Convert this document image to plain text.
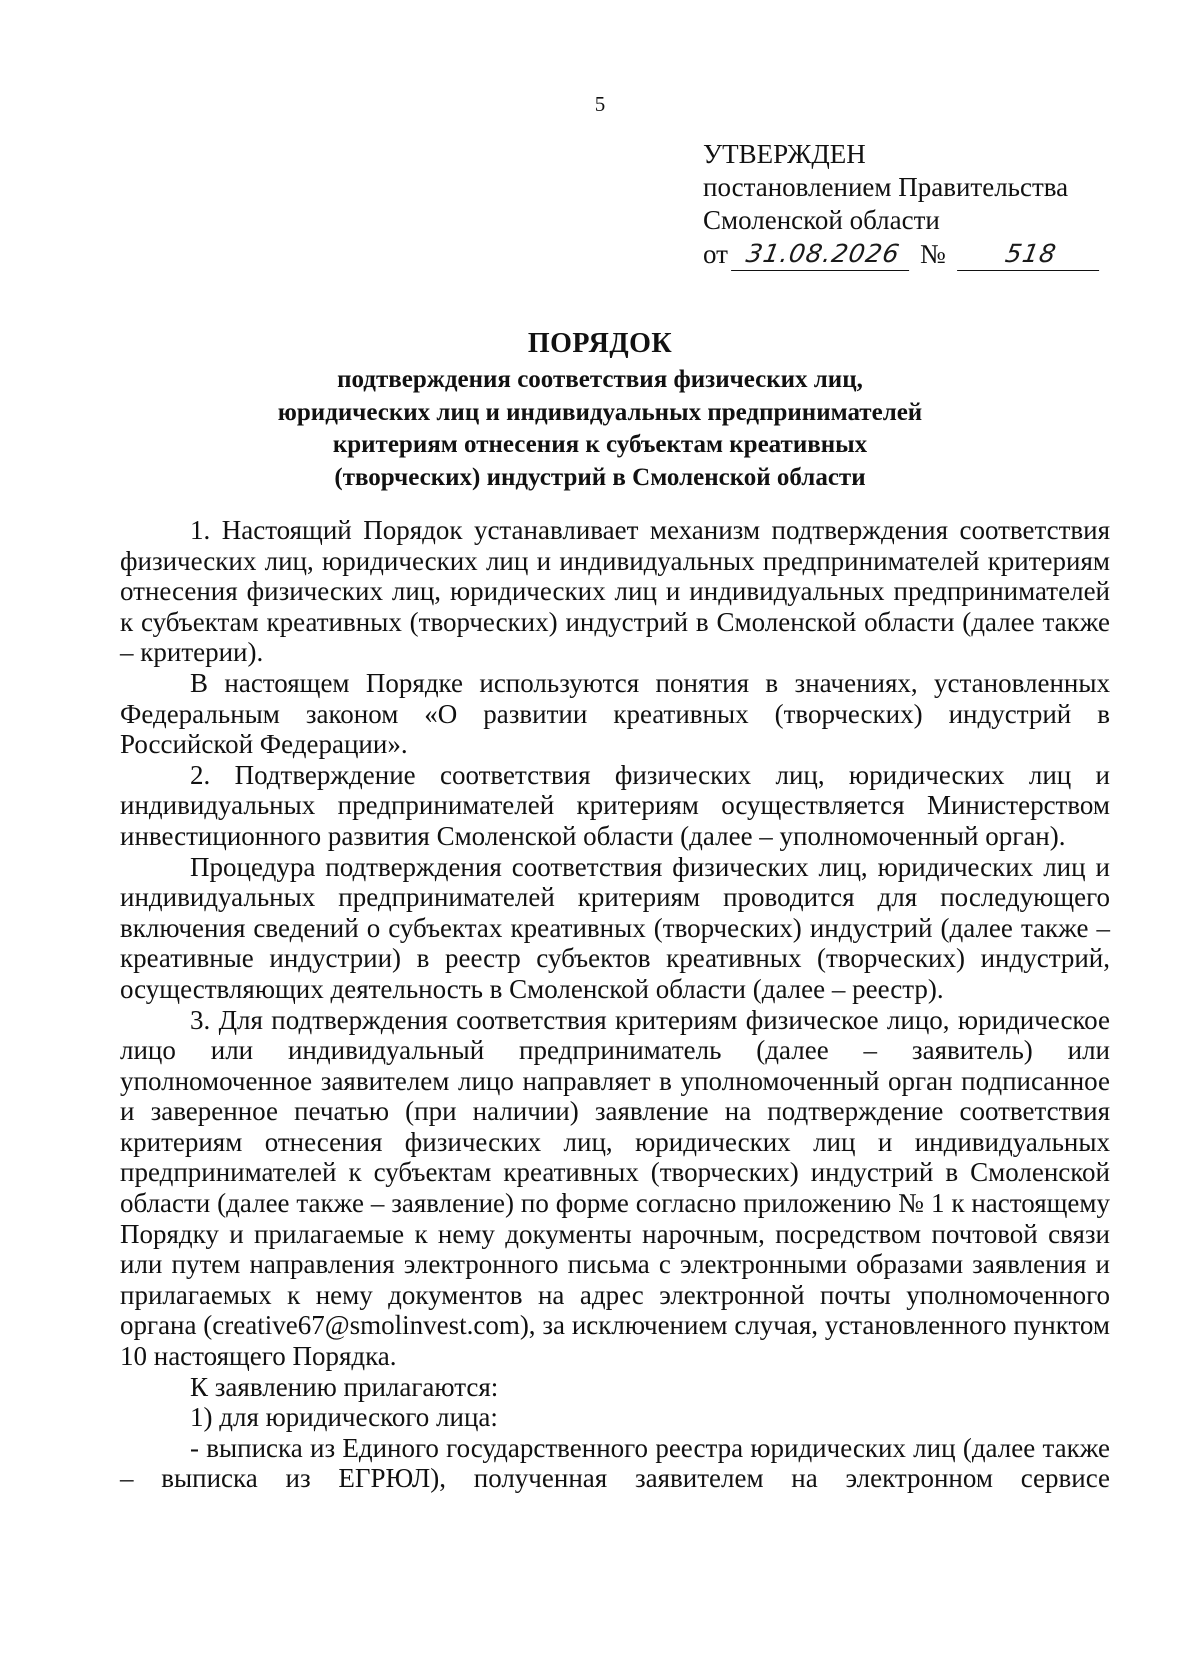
5
УТВЕРЖДЕН
постановлением Правительства
Смоленской области
от 31.08.2026 №	518
ПОРЯДОК
подтверждения соответствия физических лиц,
юридических лиц и индивидуальных предпринимателей
критериям отнесения к субъектам креативных
(творческих) индустрий в Смоленской области

1. Настоящий Порядок устанавливает механизм подтверждения соответствия физических лиц, юридических лиц и индивидуальных предпринимателей критериям отнесения физических лиц, юридических лиц и индивидуальных предпринимателей к субъектам креативных (творческих) индустрий в Смоленской области (далее также – критерии).

В настоящем Порядке используются понятия в значениях, установленных Федеральным законом «О развитии креативных (творческих) индустрий в Российской Федерации».

2. Подтверждение соответствия физических лиц, юридических лиц и индивидуальных предпринимателей критериям осуществляется Министерством инвестиционного развития Смоленской области (далее – уполномоченный орган).

Процедура подтверждения соответствия физических лиц, юридических лиц и индивидуальных предпринимателей критериям проводится для последующего включения сведений о субъектах креативных (творческих) индустрий (далее также – креативные индустрии) в реестр субъектов креативных (творческих) индустрий, осуществляющих деятельность в Смоленской области (далее – реестр).

3. Для подтверждения соответствия критериям физическое лицо, юридическое лицо или индивидуальный предприниматель (далее – заявитель) или уполномоченное заявителем лицо направляет в уполномоченный орган подписанное и заверенное печатью (при наличии) заявление на подтверждение соответствия критериям отнесения физических лиц, юридических лиц и индивидуальных предпринимателей к субъектам креативных (творческих) индустрий в Смоленской области (далее также – заявление) по форме согласно приложению № 1 к настоящему Порядку и прилагаемые к нему документы нарочным, посредством почтовой связи или путем направления электронного письма с электронными образами заявления и прилагаемых к нему документов на адрес электронной почты уполномоченного органа (creative67@smolinvest.com), за исключением случая, установленного пунктом 10 настоящего Порядка.

К заявлению прилагаются:

1) для юридического лица:

- выписка из Единого государственного реестра юридических лиц (далее также – выписка из ЕГРЮЛ), полученная заявителем на электронном сервисе
